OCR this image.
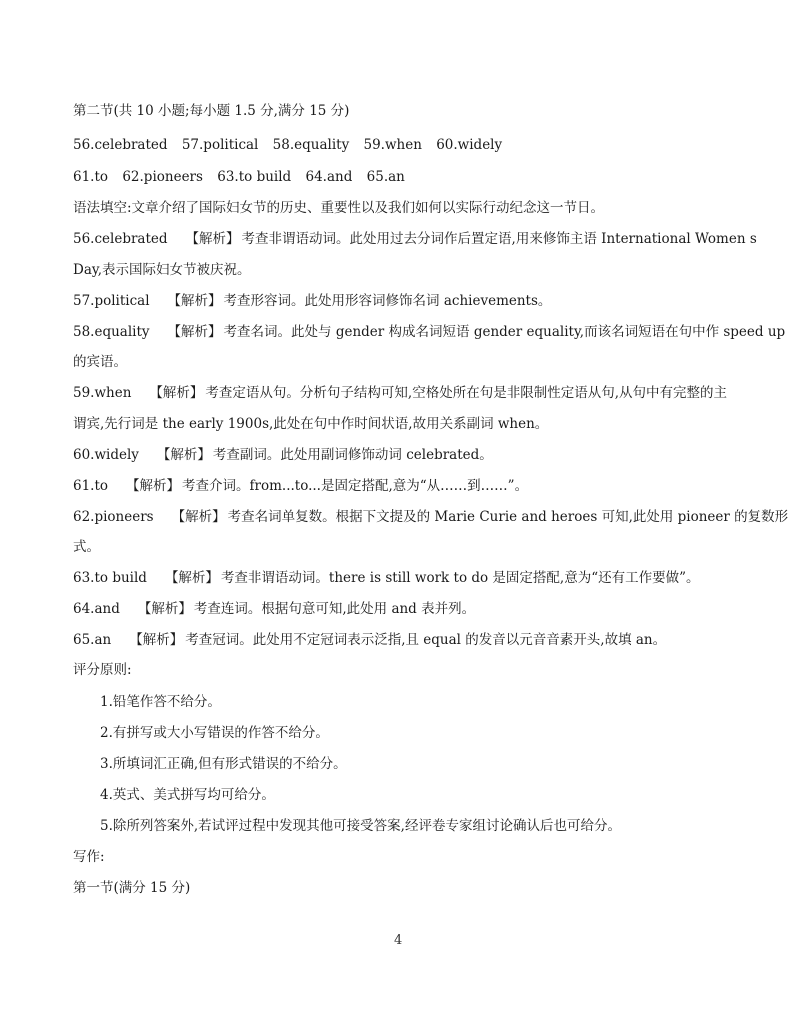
第二节(共 10 小题;每小题 1.5 分,满分 15 分)
56.celebrated 57.political 58.equality 59.when 60.widely
61.to 62.pioneers 63.to build 64.and 65.an
语法填空:文章介绍了国际妇女节的历史、重要性以及我们如何以实际行动纪念这一节日。
56.celebrated 【解析】 考查非谓语动词。此处用过去分词作后置定语,用来修饰主语 International Women s
Day,表示国际妇女节被庆祝。
57.political 【解析】 考查形容词。此处用形容词修饰名词 achievements。
58.equality 【解析】 考查名词。此处与 gender 构成名词短语 gender equality,而该名词短语在句中作 speed up
的宾语。
59.when 【解析】 考查定语从句。分析句子结构可知,空格处所在句是非限制性定语从句,从句中有完整的主
谓宾,先行词是 the early 1900s,此处在句中作时间状语,故用关系副词 when。
60.widely 【解析】 考查副词。此处用副词修饰动词 celebrated。
61.to 【解析】 考查介词。from...to...是固定搭配,意为“从……到……”。
62.pioneers 【解析】 考查名词单复数。根据下文提及的 Marie Curie and heroes 可知,此处用 pioneer 的复数形
式。
63.to build 【解析】 考查非谓语动词。there is still work to do 是固定搭配,意为“还有工作要做”。
64.and 【解析】 考查连词。根据句意可知,此处用 and 表并列。
65.an 【解析】 考查冠词。此处用不定冠词表示泛指,且 equal 的发音以元音音素开头,故填 an。
评分原则:
1.铅笔作答不给分。
2.有拼写或大小写错误的作答不给分。
3.所填词汇正确,但有形式错误的不给分。
4.英式、美式拼写均可给分。
5.除所列答案外,若试评过程中发现其他可接受答案,经评卷专家组讨论确认后也可给分。
写作:
第一节(满分 15 分)
4
